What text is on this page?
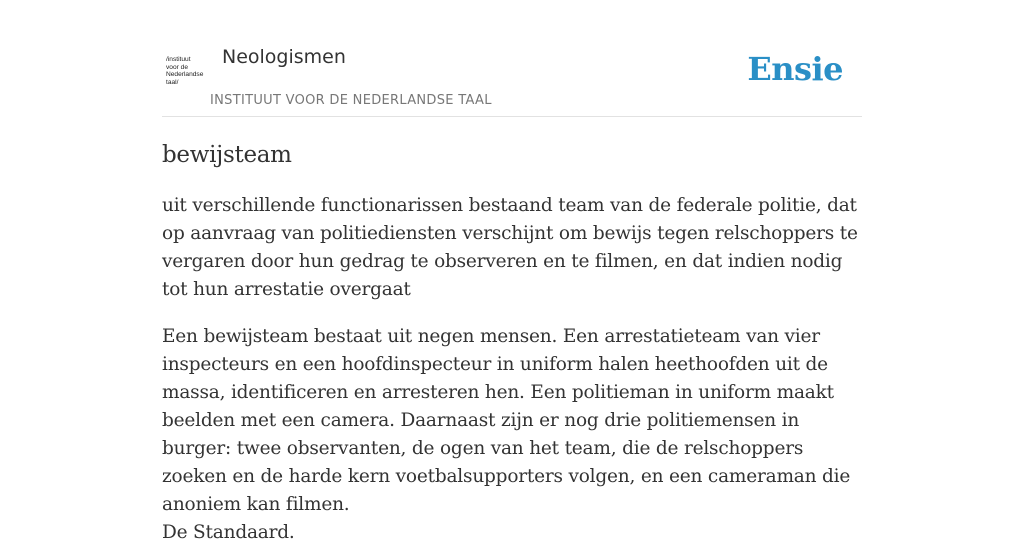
/instituut
voor de
Nederlandse
taal/
Neologismen
INSTITUUT VOOR DE NEDERLANDSE TAAL
Ensie
bewijsteam

uit verschillende functionarissen bestaand team van de federale politie, dat op aanvraag van politiediensten verschijnt om bewijs tegen relschoppers te vergaren door hun gedrag te observeren en te filmen, en dat indien nodig tot hun arrestatie overgaat

Een bewijsteam bestaat uit negen mensen. Een arrestatieteam van vier inspecteurs en een hoofdinspecteur in uniform halen heethoofden uit de massa, identificeren en arresteren hen. Een politieman in uniform maakt beelden met een camera. Daarnaast zijn er nog drie politiemensen in burger: twee observanten, de ogen van het team, die de relschoppers zoeken en de harde kern voetbalsupporters volgen, en een cameraman die anoniem kan filmen.
De Standaard.
